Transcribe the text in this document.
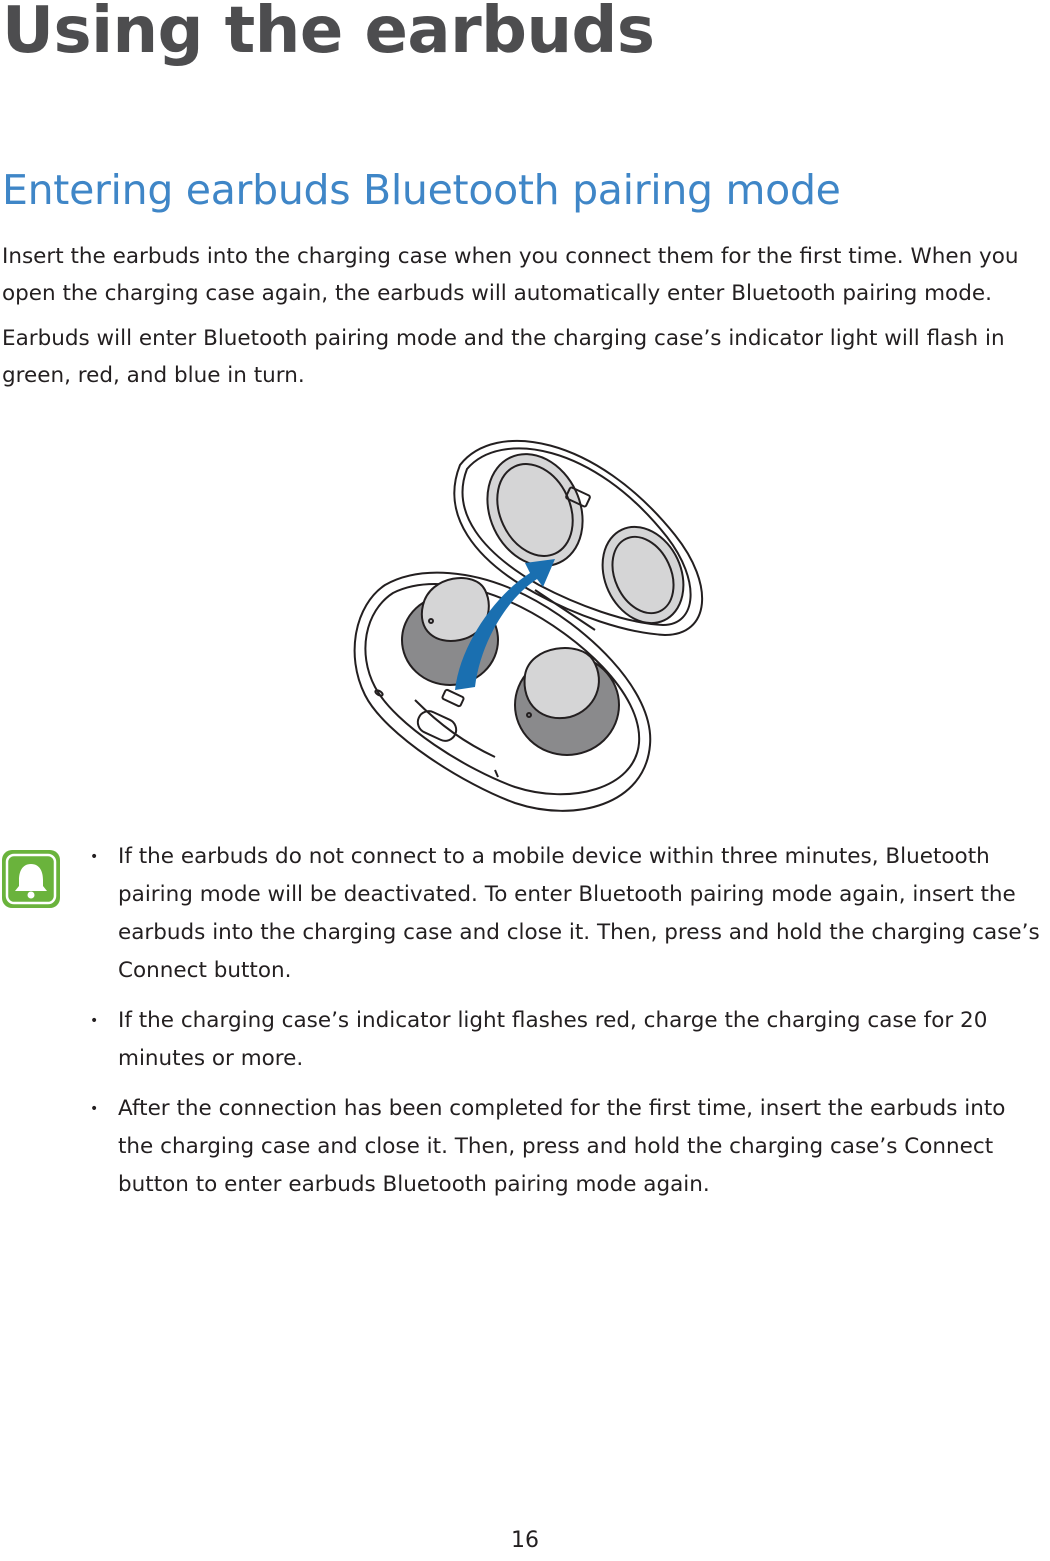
Using the earbuds
Entering earbuds Bluetooth pairing mode

Insert the earbuds into the charging case when you connect them for the first time. When you open the charging case again, the earbuds will automatically enter Bluetooth pairing mode.

Earbuds will enter Bluetooth pairing mode and the charging case’s indicator light will flash in green, red, and blue in turn.

• If the earbuds do not connect to a mobile device within three minutes, Bluetooth pairing mode will be deactivated. To enter Bluetooth pairing mode again, insert the earbuds into the charging case and close it. Then, press and hold the charging case’s Connect button.
• If the charging case’s indicator light flashes red, charge the charging case for 20 minutes or more.
• After the connection has been completed for the first time, insert the earbuds into the charging case and close it. Then, press and hold the charging case’s Connect button to enter earbuds Bluetooth pairing mode again.
16
